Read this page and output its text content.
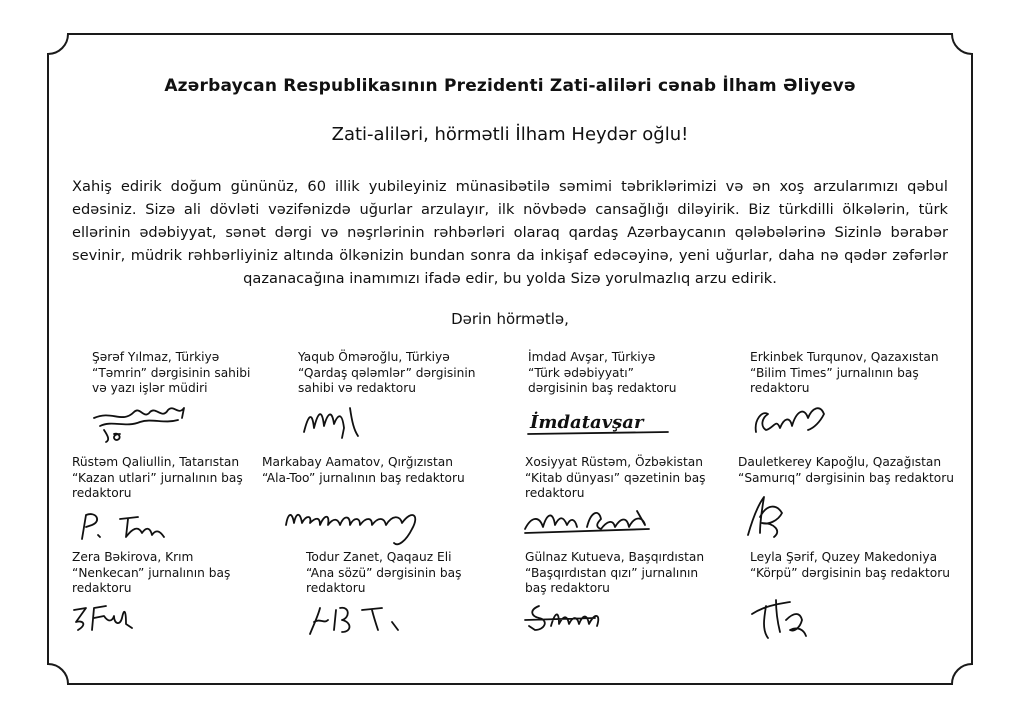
Azərbaycan Respublikasının Prezidenti Zati-aliləri cənab İlham Əliyevə
Zati-aliləri, hörmətli İlham Heydər oğlu!
Xahiş edirik doğum gününüz, 60 illik yubileyiniz münasibətilə səmimi təbriklərimizi və ən xoş arzularımızı qəbul edəsiniz. Sizə ali dövləti vəzifənizdə uğurlar arzulayır, ilk növbədə cansağlığı diləyirik. Biz türkdilli ölkələrin, türk ellərinin ədəbiyyat, sənət dərgi və nəşrlərinin rəhbərləri olaraq qardaş Azərbaycanın qələbələrinə Sizinlə bərabər sevinir, müdrik rəhbərliyiniz altında ölkənizin bundan sonra da inkişaf edəcəyinə, yeni uğurlar, daha nə qədər zəfərlər qazanacağına inamımızı ifadə edir, bu yolda Sizə yorulmazlıq arzu edirik.
Dərin hörmətlə,
Şərəf Yılmaz, Türkiyə
“Təmrin” dərgisinin sahibi
və yazı işlər müdiri
Yaqub Öməroğlu, Türkiyə
“Qardaş qələmlər” dərgisinin
sahibi və redaktoru
İmdad Avşar, Türkiyə
“Türk ədəbiyyatı”
dərgisinin baş redaktoru
İmdatavşar
Erkinbek Turqunov, Qazaxıstan
“Bilim Times” jurnalının baş
redaktoru
Rüstəm Qaliullin, Tatarıstan
“Kazan utlari” jurnalının baş
redaktoru
Markabay Aamatov, Qırğızıstan
“Ala-Too” jurnalının baş redaktoru
Xosiyyat Rüstəm, Özbəkistan
“Kitab dünyası” qəzetinin baş
redaktoru
Dauletkerey Kapoğlu, Qazağıstan
“Samurıq” dərgisinin baş redaktoru
Zera Bəkirova, Krım
“Nenkecan” jurnalının baş
redaktoru
Todur Zanet, Qaqauz Eli
“Ana sözü” dərgisinin baş
redaktoru
Gülnaz Kutueva, Başqırdıstan
“Başqırdıstan qızı” jurnalının
baş redaktoru
Leyla Şərif, Quzey Makedoniya
“Körpü” dərgisinin baş redaktoru
